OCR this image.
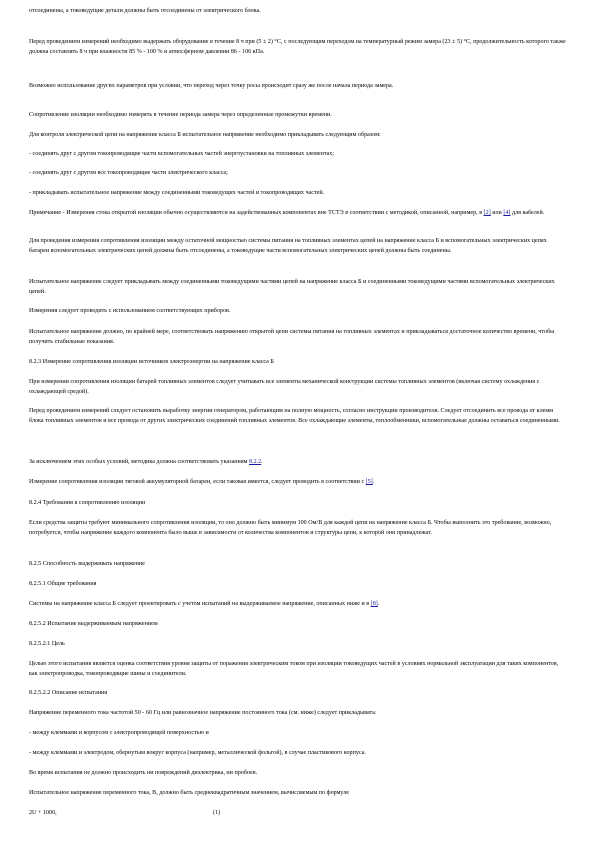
отсоединены, а токоведущие детали должны быть отсоединены от электрического блока.

Перед проведением измерений необходимо выдержать оборудование в течение 8 ч при (5 ± 2) °С, с последующим переходом на температурный режим замера (23 ± 5) °С, продолжительность которого также должна составлять 8 ч при влажности 85 % - 100 % и атмосферном давлении 86 - 106 кПа.

Возможно использование других параметров при условии, что переход через точку росы происходит сразу же после начала периода замера.

Сопротивление изоляции необходимо измерять в течение периода замера через определенные промежутки времени.

Для контроля электрической цепи на напряжение класса Б испытательное напряжение необходимо прикладывать следующим образом:

- соединять друг с другом токопроводящие части вспомогательных частей энергоустановки на топливных элементах;

- соединять друг с другом все токопроводящие части электрического класса;

- прикладывать испытательное напряжение между соединенными токоведущих частей и токопроводящих частей.

Примечание - Измерения стока открытой изоляции обычно осуществляются на задействованных компонентах вне ТСТЭ в соответствии с методикой, описанной, например, в [2] или [4] для кабелей.

Для проведения измерения сопротивления изоляции между остаточной мощностью системы питания на топливных элементах цепей на напряжение класса Б и вспомогательных электрических цепях батареи вспомогательных электрических цепей должны быть отсоединены, а токоведущие части вспомогательных электрических цепей должны быть соединены.

Испытательное напряжение следует прикладывать между соединенными токоведущими частями цепей на напряжение класса Б и соединенными токоведущими частями вспомогательных электрических цепей.

Измерения следует проводить с использованием соответствующих приборов.

Испытательное напряжение должно, по крайней мере, соответствовать напряжению открытой цепи системы питания на топливных элементах и прикладываться достаточное количество времени, чтобы получить стабильные показания.

8.2.3 Измерение сопротивления изоляции источников электроэнергии на напряжение класса Б

При измерении сопротивления изоляции батарей топливных элементов следует учитывать все элементы механической конструкции системы топливных элементов (включая систему охлаждения с охлаждающей средой).

Перед проведением измерений следует остановить выработку энергии генератором, работающим на полную мощность, согласно инструкции производителя. Следует отсоединить все провода от клемм блока топливных элементов и все провода от других электрических соединений топливных элементов. Все охлаждающие элементы, теплообменники, вспомогательные должны оставаться соединенными.

За исключением этих особых условий, методика должна соответствовать указаниям 8.2.2.

Измерение сопротивления изоляции тяговой аккумуляторной батареи, если таковая имеется, следует проводить в соответствии с [5].

8.2.4 Требования к сопротивлению изоляции

Если средства защиты требуют минимального сопротивления изоляции, то оно должно быть минимум 100 Ом/В для каждой цепи на напряжение класса Б. Чтобы выполнить это требование, возможно, потребуется, чтобы напряжение каждого компонента было выше в зависимости от количества компонентов и структуры цепи, к которой они принадлежат.

8.2.5 Способность выдерживать напряжение

8.2.5.1 Общие требования

Системы на напряжение класса Б следует проектировать с учетом испытаний на выдерживаемое напряжение, описанных ниже и в [8].

8.2.5.2 Испытание выдерживаемым напряжением

8.2.5.2.1 Цель

Целью этого испытания является оценка соответствия уровня защиты от поражения электрическим током при изоляции токоведущих частей в условиях нормальной эксплуатации для таких компонентов, как электропроводка, токопроводящие шины и соединители.

8.2.5.2.2 Описание испытания

Напряжение переменного тока частотой 50 - 60 Гц или равнозначное напряжение постоянного тока (см. ниже) следует прикладывать:

- между клеммами и корпусом с электропроводящей поверхностью и

- между клеммами и электродом, обернутым вокруг корпуса (например, металлической фольгой), в случае пластикового корпуса.

Во время испытания не должно происходить ни повреждений диэлектрика, ни пробоев.

Испытательное напряжение переменного тока, В, должно быть среднеквадратичным значением, вычисляемым по формуле

2U + 1000,	(1)
